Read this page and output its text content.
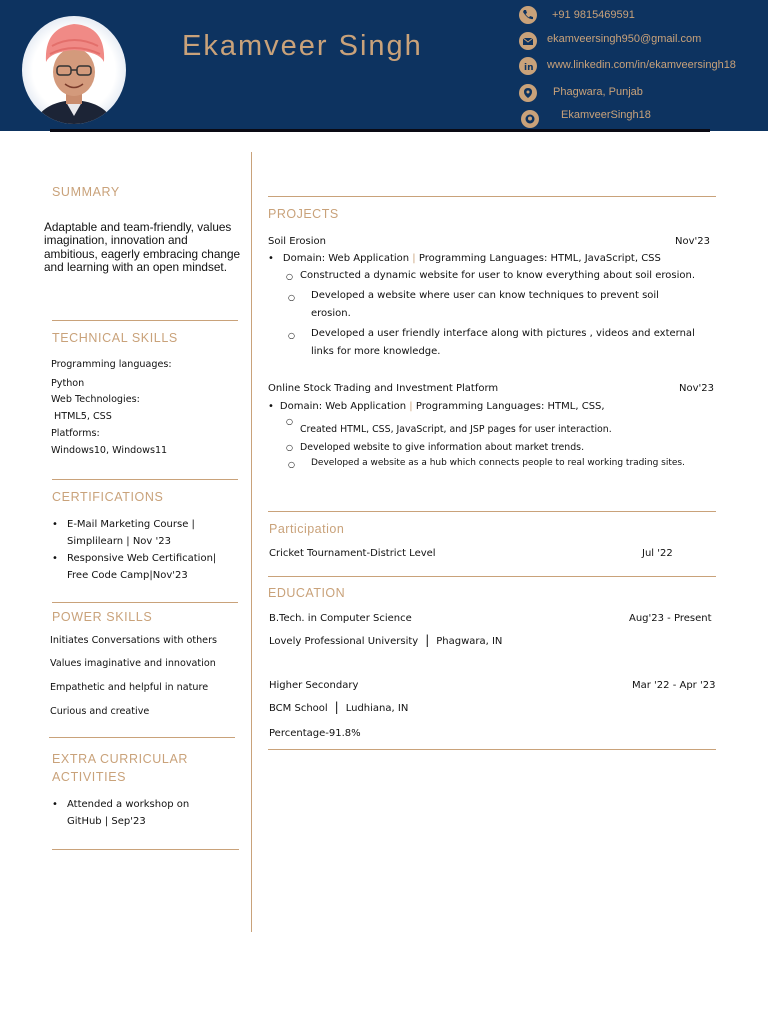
Ekamveer Singh
+91 9815469591
ekamveersingh950@gmail.com
in www.linkedin.com/in/ekamveersingh18
Phagwara, Punjab
EkamveerSingh18
SUMMARY
Adaptable and team-friendly, values imagination, innovation and ambitious, eagerly embracing change and learning with an open mindset.
TECHNICAL SKILLS
Programming languages:
Python
Web Technologies:
HTML5, CSS
Platforms:
Windows10, Windows11
CERTIFICATIONS
• E-Mail Marketing Course |
Simplilearn | Nov '23
• Responsive Web Certification|
Free Code Camp|Nov'23
POWER SKILLS
Initiates Conversations with others
Values imaginative and innovation
Empathetic and helpful in nature
Curious and creative
EXTRA CURRICULAR
ACTIVITIES
• Attended a workshop on
GitHub | Sep'23
PROJECTS
Soil Erosion	Nov'23
• Domain: Web Application | Programming Languages: HTML, JavaScript, CSS
○ Constructed a dynamic website for user to know everything about soil erosion.
○ Developed a website where user can know techniques to prevent soil
erosion.
○ Developed a user friendly interface along with pictures , videos and external
links for more knowledge.
Online Stock Trading and Investment Platform	Nov'23
• Domain: Web Application | Programming Languages: HTML, CSS,
○
Created HTML, CSS, JavaScript, and JSP pages for user interaction.
○ Developed website to give information about market trends.
○ Developed a website as a hub which connects people to real working trading sites.
Participation
Cricket Tournament-District Level	Jul '22
EDUCATION
B.Tech. in Computer Science	Aug'23 - Present
Lovely Professional University | Phagwara, IN
Higher Secondary	Mar '22 - Apr '23
BCM School | Ludhiana, IN
Percentage-91.8%
